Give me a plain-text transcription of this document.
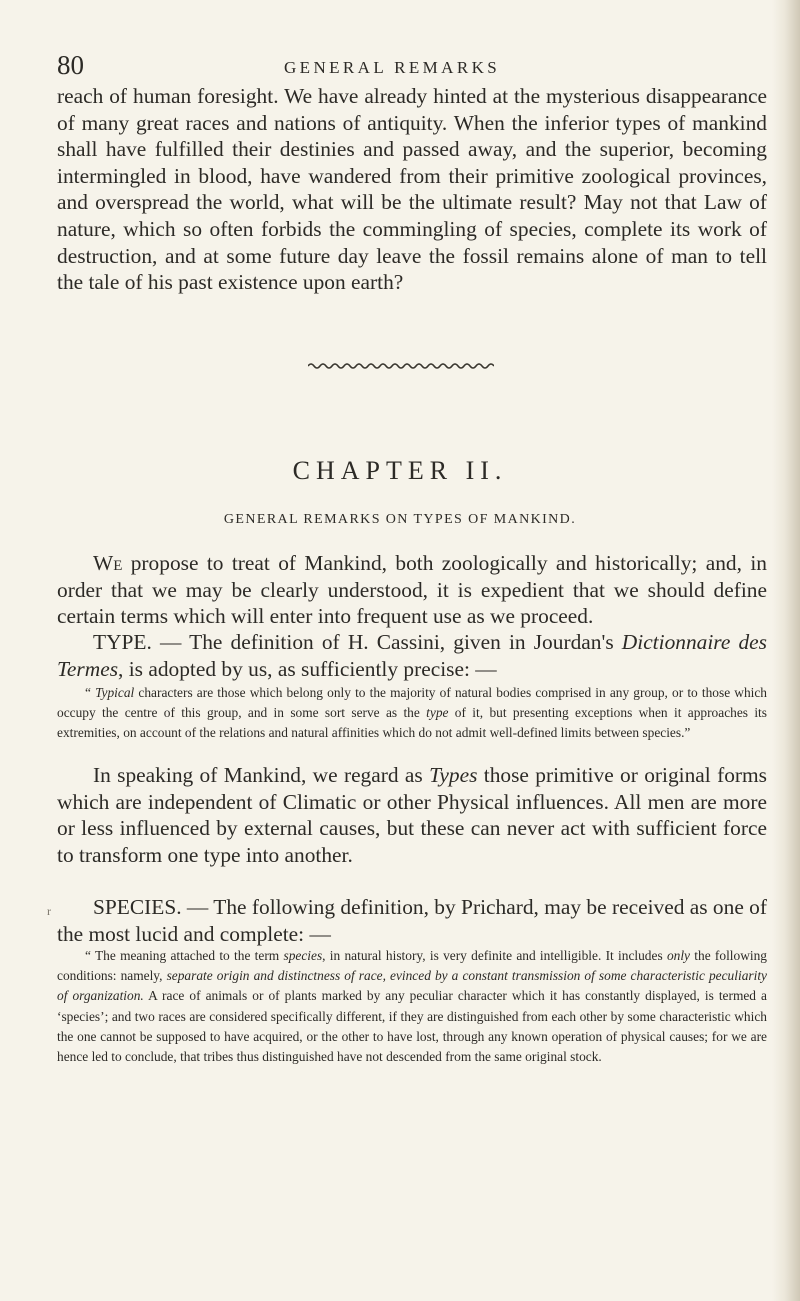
80	GENERAL REMARKS
reach of human foresight. We have already hinted at the mysterious disappearance of many great races and nations of antiquity. When the inferior types of mankind shall have fulfilled their destinies and passed away, and the superior, becoming intermingled in blood, have wandered from their primitive zoological provinces, and overspread the world, what will be the ultimate result? May not that Law of nature, which so often forbids the commingling of species, complete its work of destruction, and at some future day leave the fossil remains alone of man to tell the tale of his past existence upon earth?
CHAPTER II.
GENERAL REMARKS ON TYPES OF MANKIND.
We propose to treat of Mankind, both zoologically and historically; and, in order that we may be clearly understood, it is expedient that we should define certain terms which will enter into frequent use as we proceed.
TYPE. — The definition of H. Cassini, given in Jourdan's Dictionnaire des Termes, is adopted by us, as sufficiently precise: —
“ Typical characters are those which belong only to the majority of natural bodies comprised in any group, or to those which occupy the centre of this group, and in some sort serve as the type of it, but presenting exceptions when it approaches its extremities, on account of the relations and natural affinities which do not admit well-defined limits between species.”
In speaking of Mankind, we regard as Types those primitive or original forms which are independent of Climatic or other Physical influences. All men are more or less influenced by external causes, but these can never act with sufficient force to transform one type into another.
r	SPECIES. — The following definition, by Prichard, may be received as one of the most lucid and complete: —
“ The meaning attached to the term species, in natural history, is very definite and intelligible. It includes only the following conditions: namely, separate origin and distinctness of race, evinced by a constant transmission of some characteristic peculiarity of organization. A race of animals or of plants marked by any peculiar character which it has constantly displayed, is termed a ‘species’; and two races are considered specifically different, if they are distinguished from each other by some characteristic which the one cannot be supposed to have acquired, or the other to have lost, through any known operation of physical causes; for we are hence led to conclude, that tribes thus distinguished have not descended from the same original stock.
